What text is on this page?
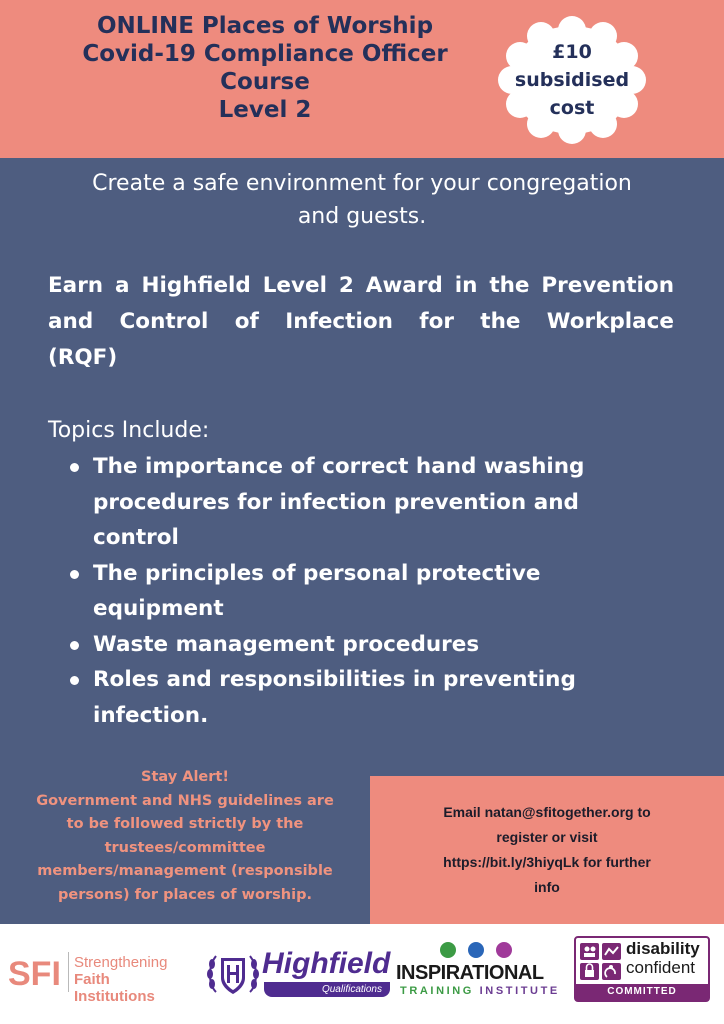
ONLINE Places of Worship
Covid-19 Compliance Officer
Course
Level 2
£10
subsidised
cost
Create a safe environment for your congregation
and guests.
Earn a Highfield Level 2 Award in the Prevention
and Control of Infection for the Workplace
(RQF)
Topics Include:
The importance of correct hand washing
procedures for infection prevention and
control
The principles of personal protective
equipment
Waste management procedures
Roles and responsibilities in preventing
infection.
Stay Alert!
Government and NHS guidelines are
to be followed strictly by the
trustees/committee
members/management (responsible
persons) for places of worship.
Email natan@sfitogether.org to
register or visit
https://bit.ly/3hiyqLk for further
info
SFI Strengthening
Faith Institutions
Highfield
Qualifications
INSPIRATIONAL
TRAINING INSTITUTE
disability
confident
COMMITTED
